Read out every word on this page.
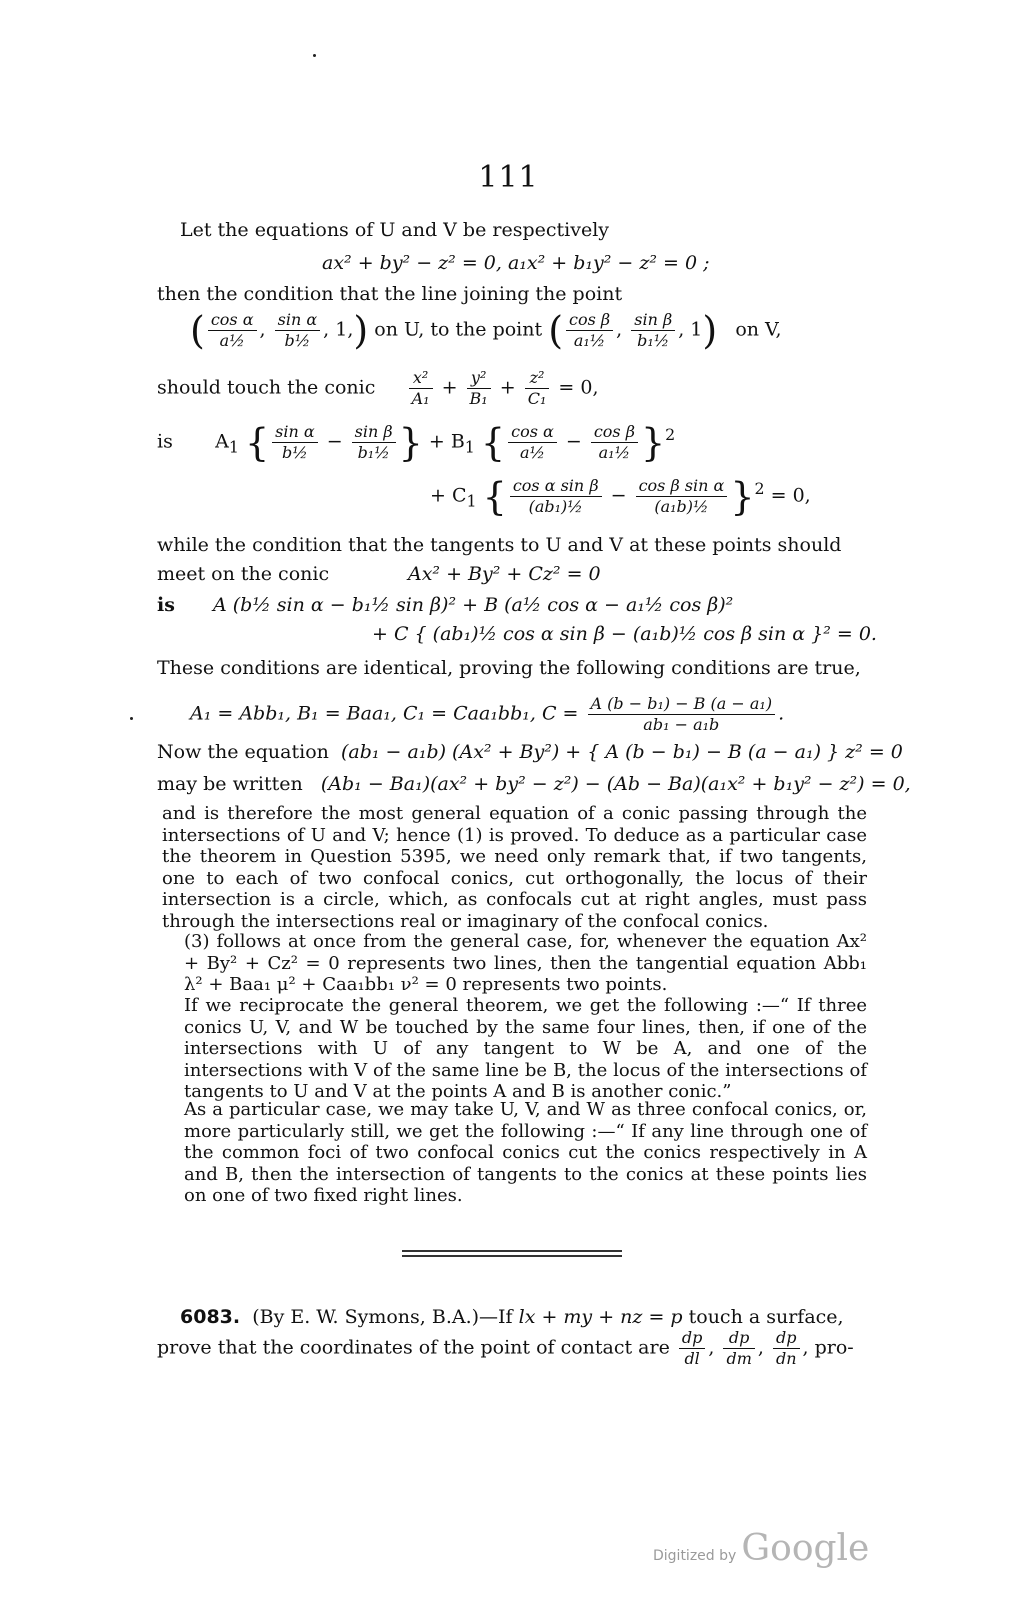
111
Let the equations of U and V be respectively
ax² + by² − z² = 0, a₁x² + b₁y² − z² = 0 ;
then the condition that the line joining the point
( $\frac{\text{cos α}}{\text{a½}}$ , $\frac{\text{sin α}}{\text{b½}}$ , 1,) on U, to the point ( $\frac{\text{cos β}}{\text{a₁½}}$ , $\frac{\text{sin β}}{\text{b₁½}}$ , 1) on V,
should touch the conic $\frac{\text{x²}}{\text{A₁}} + \frac{\text{y²}}{\text{B₁}} + \frac{\text{z²}}{\text{C₁}} = 0$,
is       $A_1$ { $\frac{\text{sin α}}{\text{b½}} - \frac{\text{sin β}}{\text{b₁½}}$ } + $B_1$ { $\frac{\text{cos α}}{\text{a½}} - \frac{\text{cos β}}{\text{a₁½}} \}^2$
+ $C_1$ { $\frac{\text{cos α sin β}}{\text{(ab₁)½}} - \frac{\text{cos β sin α}}{\text{(a₁b)½}} \}^2 = 0$,
while the condition that the tangents to U and V at these points should
meet on the conic	Ax² + By² + Cz² = 0
is A (b½ sin α − b₁½ sin β)² + B (a½ cos α − a₁½ cos β)²
+ C { (ab₁)½ cos α sin β − (a₁b)½ cos β sin α }² = 0.
These conditions are identical, proving the following conditions are true,
A₁ = Abb₁, B₁ = Baa₁, C₁ = Caa₁bb₁, $C = \frac{\text{A (b − b₁) − B (a − a₁)}}{\text{ab₁ − a₁b}}$ .
Now the equation (ab₁ − a₁b) (Ax² + By²) + { A (b − b₁) − B (a − a₁) } z² = 0
may be written (Ab₁ − Ba₁)(ax² + by² − z²) − (Ab − Ba)(a₁x² + b₁y² − z²) = 0,
and is therefore the most general equation of a conic passing through the intersections of U and V; hence (1) is proved. To deduce as a particular case the theorem in Question 5395, we need only remark that, if two tangents, one to each of two confocal conics, cut orthogonally, the locus of their intersection is a circle, which, as confocals cut at right angles, must pass through the intersections real or imaginary of the confocal conics.
(3) follows at once from the general case, for, whenever the equation Ax² + By² + Cz² = 0 represents two lines, then the tangential equation Abb₁ λ² + Baa₁ μ² + Caa₁bb₁ ν² = 0 represents two points.
If we reciprocate the general theorem, we get the following :—“ If three conics U, V, and W be touched by the same four lines, then, if one of the intersections with U of any tangent to W be A, and one of the intersections with V of the same line be B, the locus of the intersections of tangents to U and V at the points A and B is another conic.”
As a particular case, we may take U, V, and W as three confocal conics, or, more particularly still, we get the following :—“ If any line through one of the common foci of two confocal conics cut the conics respectively in A and B, then the intersection of tangents to the conics at these points lies on one of two fixed right lines.
6083. (By E. W. Symons, B.A.)—If lx + my + nz = p touch a surface,
prove that the coordinates of the point of contact are $\frac{dp}{dl}$ , $\frac{dp}{dm}$ , $\frac{dp}{dn}$ , pro-
Digitized by Google
